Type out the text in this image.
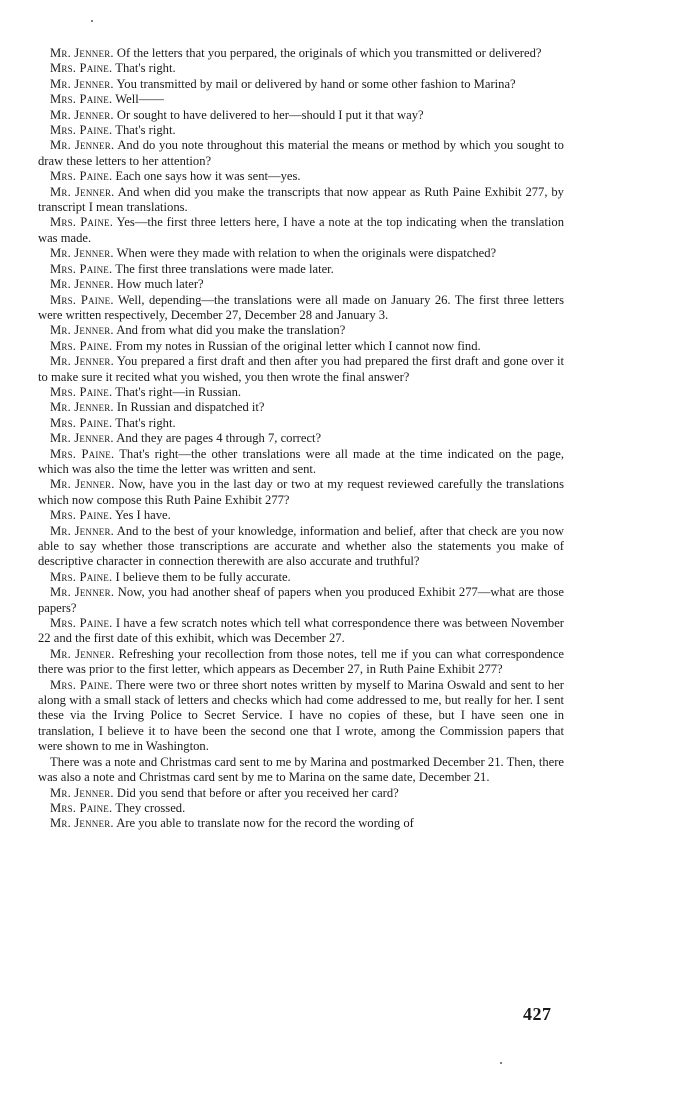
Mr. Jenner. Of the letters that you perpared, the originals of which you transmitted or delivered?

Mrs. Paine. That's right.

Mr. Jenner. You transmitted by mail or delivered by hand or some other fashion to Marina?

Mrs. Paine. Well——

Mr. Jenner. Or sought to have delivered to her—should I put it that way?

Mrs. Paine. That's right.

Mr. Jenner. And do you note throughout this material the means or method by which you sought to draw these letters to her attention?

Mrs. Paine. Each one says how it was sent—yes.

Mr. Jenner. And when did you make the transcripts that now appear as Ruth Paine Exhibit 277, by transcript I mean translations.

Mrs. Paine. Yes—the first three letters here, I have a note at the top indicating when the translation was made.

Mr. Jenner. When were they made with relation to when the originals were dispatched?

Mrs. Paine. The first three translations were made later.

Mr. Jenner. How much later?

Mrs. Paine. Well, depending—the translations were all made on January 26. The first three letters were written respectively, December 27, December 28 and January 3.

Mr. Jenner. And from what did you make the translation?

Mrs. Paine. From my notes in Russian of the original letter which I cannot now find.

Mr. Jenner. You prepared a first draft and then after you had prepared the first draft and gone over it to make sure it recited what you wished, you then wrote the final answer?

Mrs. Paine. That's right—in Russian.

Mr. Jenner. In Russian and dispatched it?

Mrs. Paine. That's right.

Mr. Jenner. And they are pages 4 through 7, correct?

Mrs. Paine. That's right—the other translations were all made at the time indicated on the page, which was also the time the letter was written and sent.

Mr. Jenner. Now, have you in the last day or two at my request reviewed carefully the translations which now compose this Ruth Paine Exhibit 277?

Mrs. Paine. Yes I have.

Mr. Jenner. And to the best of your knowledge, information and belief, after that check are you now able to say whether those transcriptions are accurate and whether also the statements you make of descriptive character in connection therewith are also accurate and truthful?

Mrs. Paine. I believe them to be fully accurate.

Mr. Jenner. Now, you had another sheaf of papers when you produced Exhibit 277—what are those papers?

Mrs. Paine. I have a few scratch notes which tell what correspondence there was between November 22 and the first date of this exhibit, which was December 27.

Mr. Jenner. Refreshing your recollection from those notes, tell me if you can what correspondence there was prior to the first letter, which appears as December 27, in Ruth Paine Exhibit 277?

Mrs. Paine. There were two or three short notes written by myself to Marina Oswald and sent to her along with a small stack of letters and checks which had come addressed to me, but really for her. I sent these via the Irving Police to Secret Service. I have no copies of these, but I have seen one in translation, I believe it to have been the second one that I wrote, among the Commission papers that were shown to me in Washington.

There was a note and Christmas card sent to me by Marina and postmarked December 21. Then, there was also a note and Christmas card sent by me to Marina on the same date, December 21.

Mr. Jenner. Did you send that before or after you received her card?

Mrs. Paine. They crossed.

Mr. Jenner. Are you able to translate now for the record the wording of

427
